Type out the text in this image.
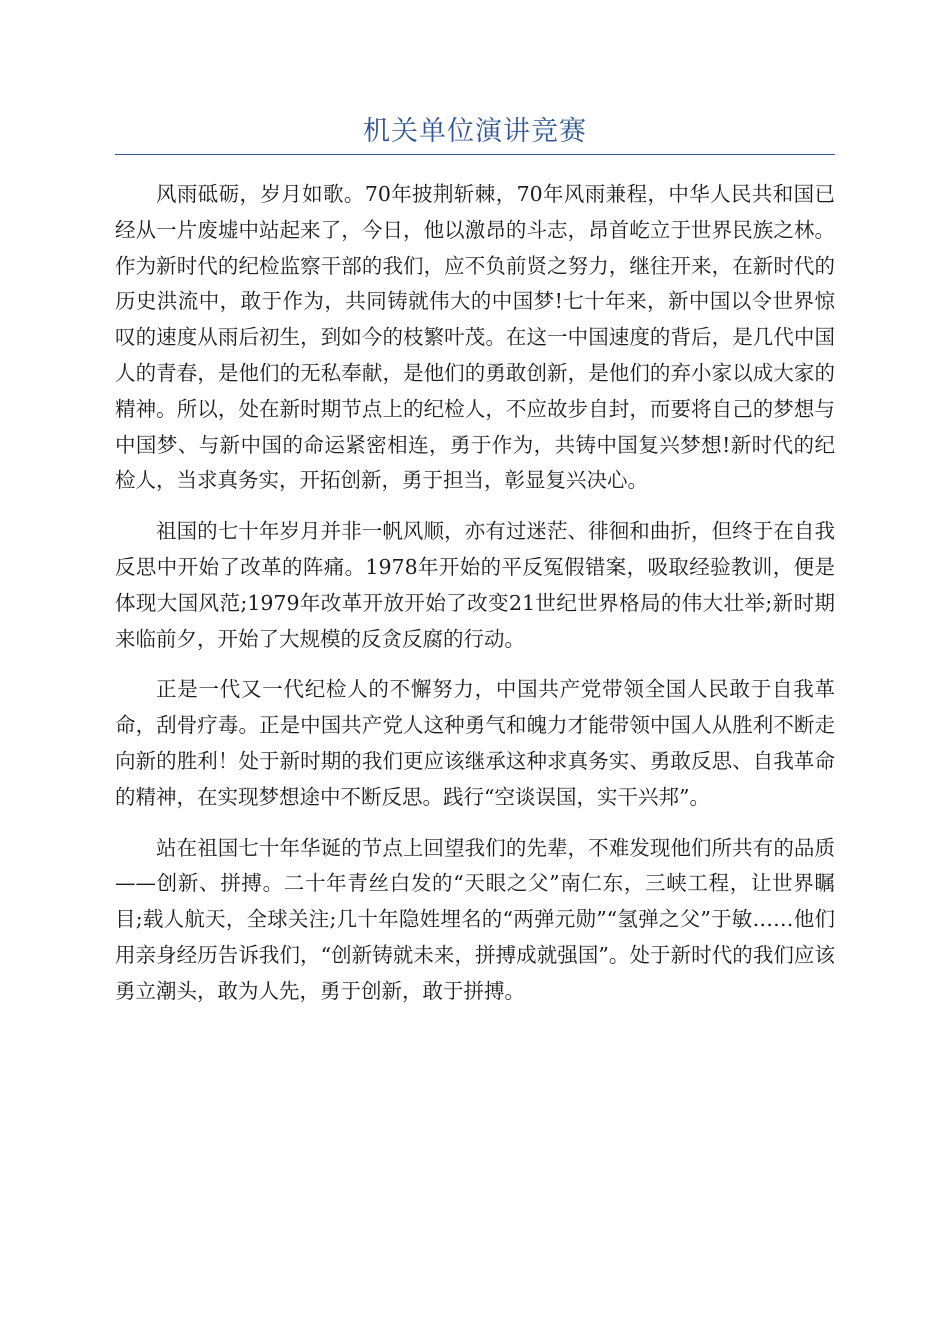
机关单位演讲竞赛

风雨砥砺，岁月如歌。70年披荆斩棘，70年风雨兼程，中华人民共和国已经从一片废墟中站起来了，今日，他以激昂的斗志，昂首屹立于世界民族之林。作为新时代的纪检监察干部的我们，应不负前贤之努力，继往开来，在新时代的历史洪流中，敢于作为，共同铸就伟大的中国梦!七十年来，新中国以令世界惊叹的速度从雨后初生，到如今的枝繁叶茂。在这一中国速度的背后，是几代中国人的青春，是他们的无私奉献，是他们的勇敢创新，是他们的弃小家以成大家的精神。所以，处在新时期节点上的纪检人，不应故步自封，而要将自己的梦想与中国梦、与新中国的命运紧密相连，勇于作为，共铸中国复兴梦想!新时代的纪检人，当求真务实，开拓创新，勇于担当，彰显复兴决心。

祖国的七十年岁月并非一帆风顺，亦有过迷茫、徘徊和曲折，但终于在自我反思中开始了改革的阵痛。1978年开始的平反冤假错案，吸取经验教训，便是体现大国风范;1979年改革开放开始了改变21世纪世界格局的伟大壮举;新时期来临前夕，开始了大规模的反贪反腐的行动。

正是一代又一代纪检人的不懈努力，中国共产党带领全国人民敢于自我革命，刮骨疗毒。正是中国共产党人这种勇气和魄力才能带领中国人从胜利不断走向新的胜利！处于新时期的我们更应该继承这种求真务实、勇敢反思、自我革命的精神，在实现梦想途中不断反思。践行“空谈误国，实干兴邦”。

站在祖国七十年华诞的节点上回望我们的先辈，不难发现他们所共有的品质——创新、拼搏。二十年青丝白发的“天眼之父”南仁东，三峡工程，让世界瞩目;载人航天，全球关注;几十年隐姓埋名的“两弹元勋”“氢弹之父”于敏……他们用亲身经历告诉我们，“创新铸就未来，拼搏成就强国”。处于新时代的我们应该勇立潮头，敢为人先，勇于创新，敢于拼搏。
